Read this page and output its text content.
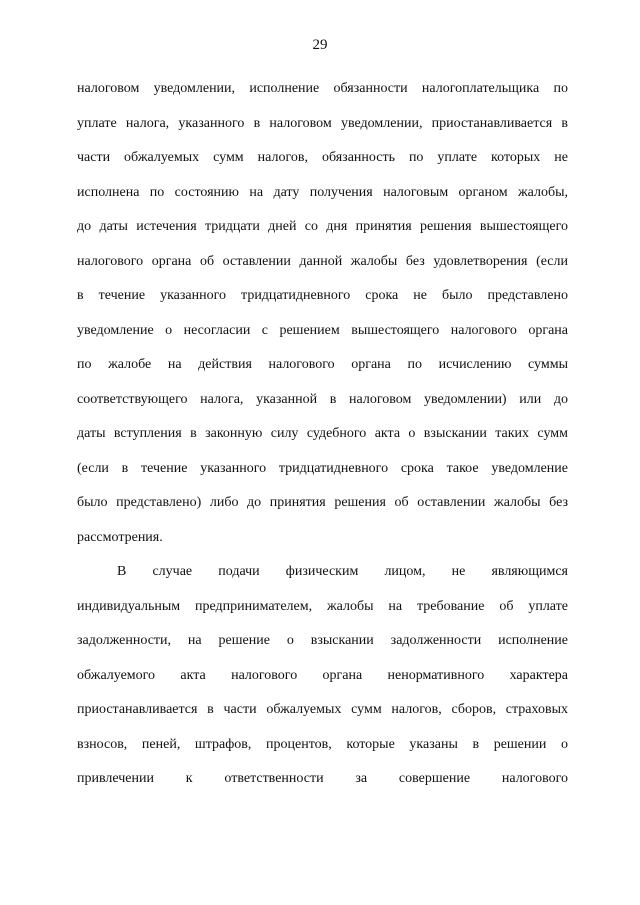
29
налоговом уведомлении, исполнение обязанности налогоплательщика по
уплате налога, указанного в налоговом уведомлении, приостанавливается в
части обжалуемых сумм налогов, обязанность по уплате которых не
исполнена по состоянию на дату получения налоговым органом жалобы,
до даты истечения тридцати дней со дня принятия решения вышестоящего
налогового органа об оставлении данной жалобы без удовлетворения (если
в течение указанного тридцатидневного срока не было представлено
уведомление о несогласии с решением вышестоящего налогового органа
по жалобе на действия налогового органа по исчислению суммы
соответствующего налога, указанной в налоговом уведомлении) или до
даты вступления в законную силу судебного акта о взыскании таких сумм
(если в течение указанного тридцатидневного срока такое уведомление
было представлено) либо до принятия решения об оставлении жалобы без
рассмотрения.
В случае подачи физическим лицом, не являющимся
индивидуальным предпринимателем, жалобы на требование об уплате
задолженности, на решение о взыскании задолженности исполнение
обжалуемого акта налогового органа ненормативного характера
приостанавливается в части обжалуемых сумм налогов, сборов, страховых
взносов, пеней, штрафов, процентов, которые указаны в решении о
привлечении к ответственности за совершение налогового
